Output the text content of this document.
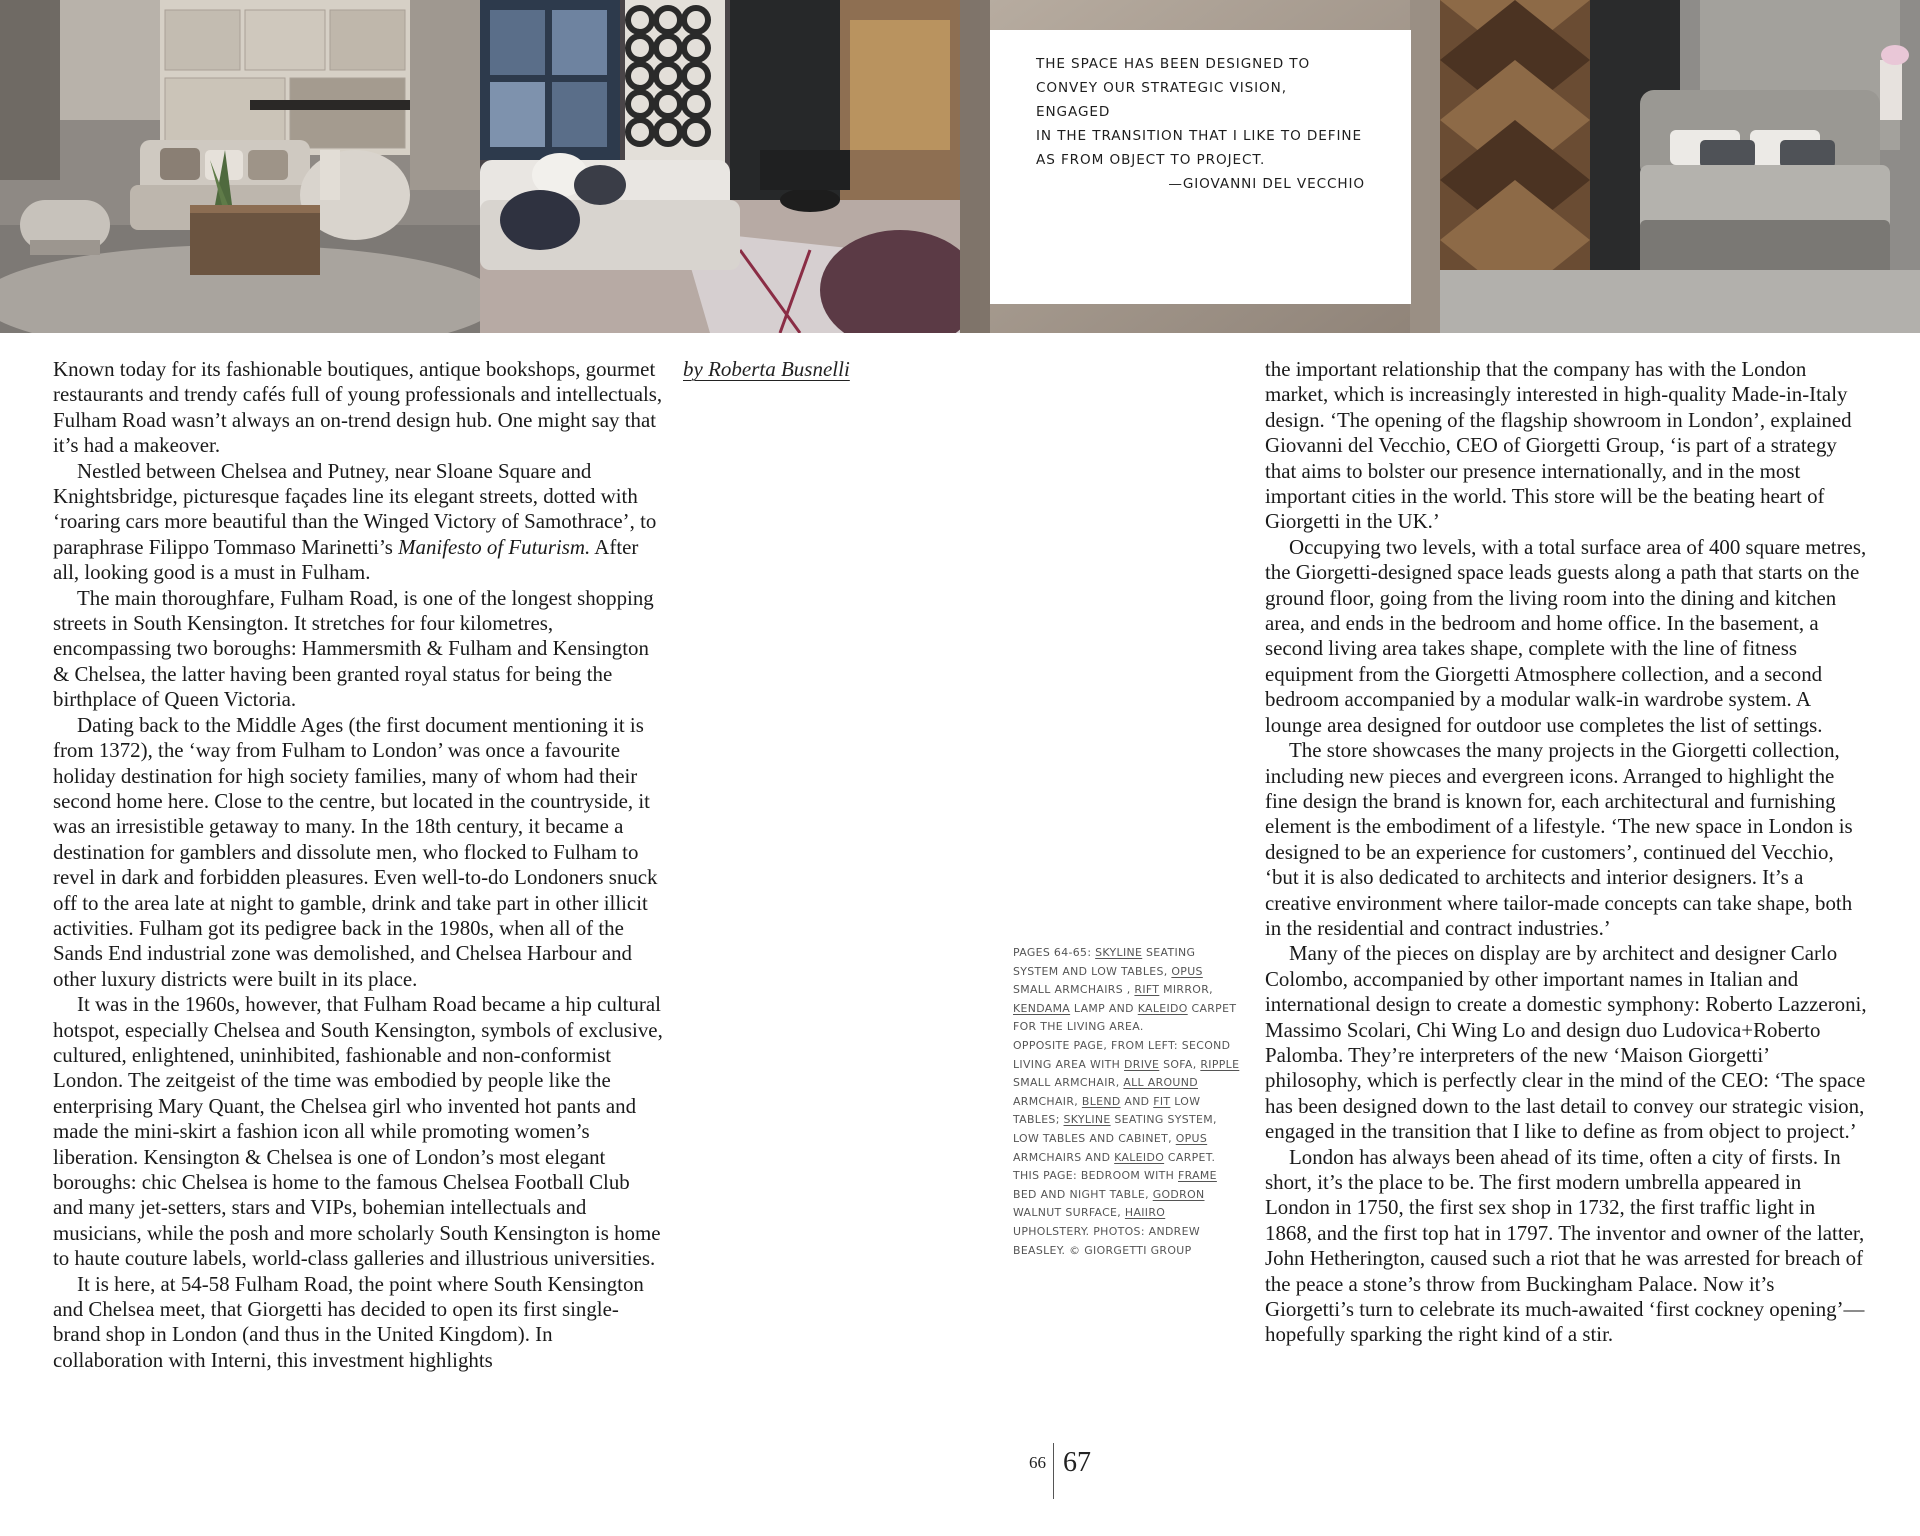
THE SPACE HAS BEEN DESIGNED TO
CONVEY OUR STRATEGIC VISION, ENGAGED
IN THE TRANSITION THAT I LIKE TO DEFINE
AS FROM OBJECT TO PROJECT.
—GIOVANNI DEL VECCHIO

Known today for its fashionable boutiques, antique bookshops, gourmet restaurants and trendy cafés full of young professionals and intellectuals, Fulham Road wasn’t always an on-trend design hub. One might say that it’s had a makeover.

Nestled between Chelsea and Putney, near Sloane Square and Knightsbridge, picturesque façades line its elegant streets, dotted with ‘roaring cars more beautiful than the Winged Victory of Samothrace’, to paraphrase Filippo Tommaso Marinetti’s Manifesto of Futurism. After all, looking good is a must in Fulham.

The main thoroughfare, Fulham Road, is one of the longest shopping streets in South Kensington. It stretches for four kilometres, encompassing two boroughs: Hammersmith & Fulham and Kensington & Chelsea, the latter having been granted royal status for being the birthplace of Queen Victoria.

Dating back to the Middle Ages (the first document mentioning it is from 1372), the ‘way from Fulham to London’ was once a favourite holiday destination for high society families, many of whom had their second home here. Close to the centre, but located in the countryside, it was an irresistible getaway to many. In the 18th century, it became a destination for gamblers and dissolute men, who flocked to Fulham to revel in dark and forbidden pleasures. Even well-to-do Londoners snuck off to the area late at night to gamble, drink and take part in other illicit activities. Fulham got its pedigree back in the 1980s, when all of the Sands End industrial zone was demolished, and Chelsea Harbour and other luxury districts were built in its place.

It was in the 1960s, however, that Fulham Road became a hip cultural hotspot, especially Chelsea and South Kensington, symbols of exclusive, cultured, enlightened, uninhibited, fashionable and non-conformist London. The zeitgeist of the time was embodied by people like the enterprising Mary Quant, the Chelsea girl who invented hot pants and made the mini-skirt a fashion icon all while promoting women’s liberation. Kensington & Chelsea is one of London’s most elegant boroughs: chic Chelsea is home to the famous Chelsea Football Club and many jet-setters, stars and VIPs, bohemian intellectuals and musicians, while the posh and more scholarly South Kensington is home to haute couture labels, world-class galleries and illustrious universities.

It is here, at 54-58 Fulham Road, the point where South Kensington and Chelsea meet, that Giorgetti has decided to open its first single-brand shop in London (and thus in the United Kingdom). In collaboration with Interni, this investment highlights

by Roberta Busnelli

PAGES 64-65: SKYLINE SEATING SYSTEM AND LOW TABLES, OPUS SMALL ARMCHAIRS , RIFT MIRROR, KENDAMA LAMP AND KALEIDO CARPET FOR THE LIVING AREA.

OPPOSITE PAGE, FROM LEFT: SECOND LIVING AREA WITH DRIVE SOFA, RIPPLE SMALL ARMCHAIR, ALL AROUND ARMCHAIR, BLEND AND FIT LOW TABLES; SKYLINE SEATING SYSTEM, LOW TABLES AND CABINET, OPUS ARMCHAIRS AND KALEIDO CARPET.

THIS PAGE: BEDROOM WITH FRAME BED AND NIGHT TABLE, GODRON WALNUT SURFACE, HAIIRO UPHOLSTERY. PHOTOS: ANDREW BEASLEY. © GIORGETTI GROUP

the important relationship that the company has with the London market, which is increasingly interested in high-quality Made-in-Italy design. ‘The opening of the flagship showroom in London’, explained Giovanni del Vecchio, CEO of Giorgetti Group, ‘is part of a strategy that aims to bolster our presence internationally, and in the most important cities in the world. This store will be the beating heart of Giorgetti in the UK.’

Occupying two levels, with a total surface area of 400 square metres, the Giorgetti-designed space leads guests along a path that starts on the ground floor, going from the living room into the dining and kitchen area, and ends in the bedroom and home office. In the basement, a second living area takes shape, complete with the line of fitness equipment from the Giorgetti Atmosphere collection, and a second bedroom accompanied by a modular walk-in wardrobe system. A lounge area designed for outdoor use completes the list of settings.

The store showcases the many projects in the Giorgetti collection, including new pieces and evergreen icons. Arranged to highlight the fine design the brand is known for, each architectural and furnishing element is the embodiment of a lifestyle. ‘The new space in London is designed to be an experience for customers’, continued del Vecchio, ‘but it is also dedicated to architects and interior designers. It’s a creative environment where tailor-made concepts can take shape, both in the residential and contract industries.’

Many of the pieces on display are by architect and designer Carlo Colombo, accompanied by other important names in Italian and international design to create a domestic symphony: Roberto Lazzeroni, Massimo Scolari, Chi Wing Lo and design duo Ludovica+Roberto Palomba. They’re interpreters of the new ‘Maison Giorgetti’ philosophy, which is perfectly clear in the mind of the CEO: ‘The space has been designed down to the last detail to convey our strategic vision, engaged in the transition that I like to define as from object to project.’

London has always been ahead of its time, often a city of firsts. In short, it’s the place to be. The first modern umbrella appeared in London in 1750, the first sex shop in 1732, the first traffic light in 1868, and the first top hat in 1797. The inventor and owner of the latter, John Hetherington, caused such a riot that he was arrested for breach of the peace a stone’s throw from Buckingham Palace. Now it’s Giorgetti’s turn to celebrate its much-awaited ‘first cockney opening’—hopefully sparking the right kind of a stir.

66 67
